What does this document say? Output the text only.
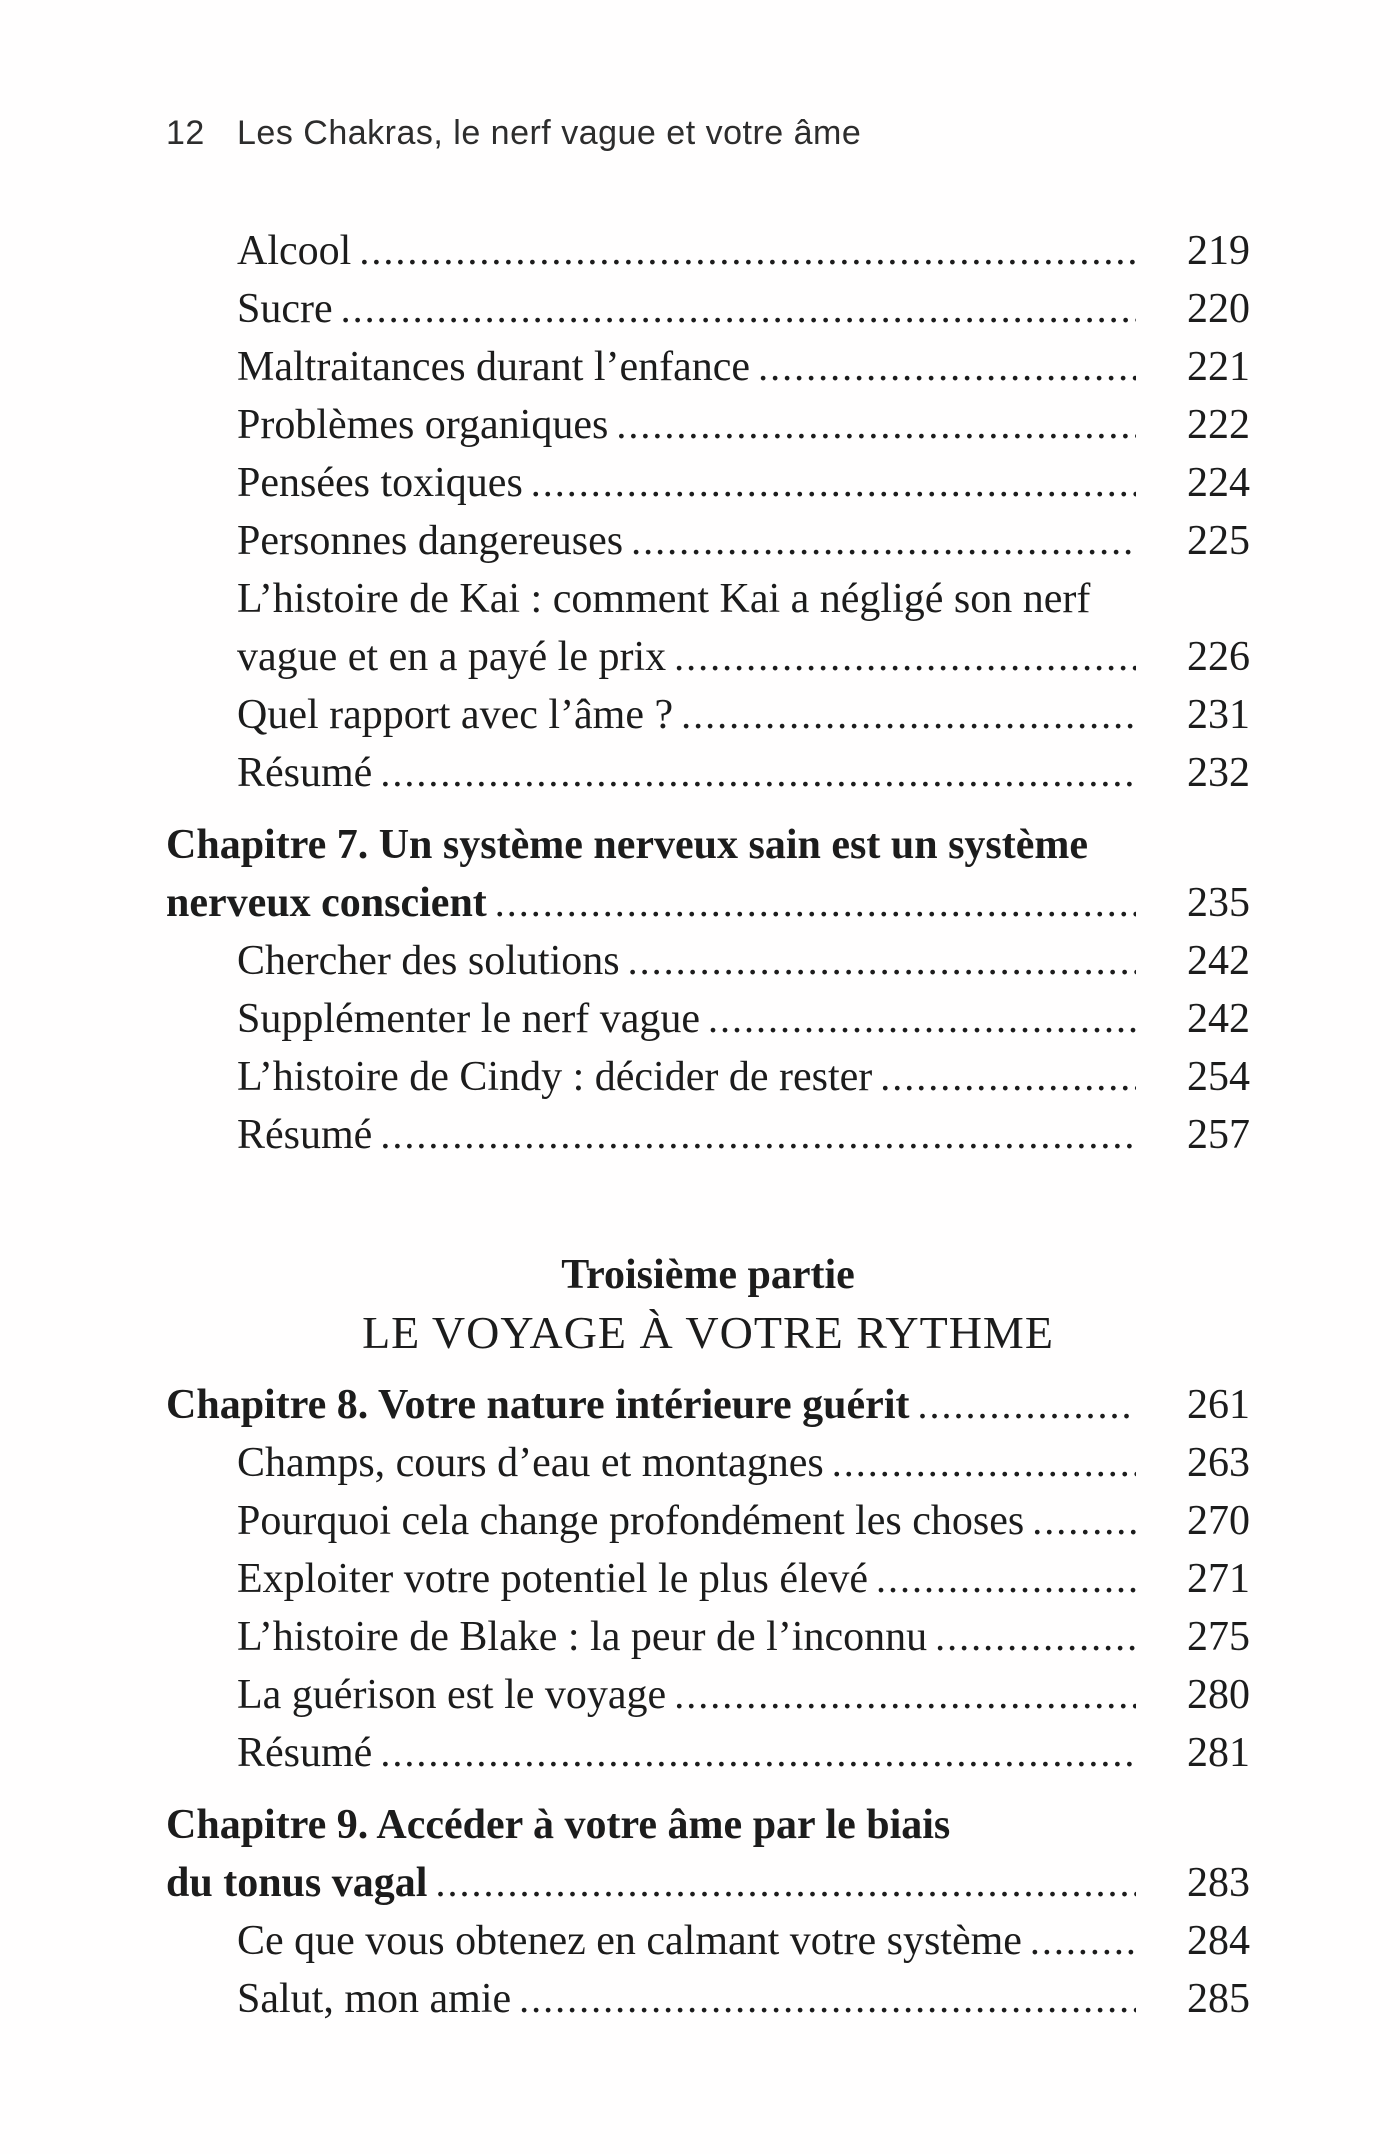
12 Les Chakras, le nerf vague et votre âme
Alcool .....	219
Sucre .....	220
Maltraitances durant l’enfance .....	221
Problèmes organiques .....	222
Pensées toxiques .....	224
Personnes dangereuses .....	225
L’histoire de Kai : comment Kai a négligé son nerf
vague et en a payé le prix .....	226
Quel rapport avec l’âme ? .....	231
Résumé .....	232
Chapitre 7. Un système nerveux sain est un système
nerveux conscient .....	235
Chercher des solutions .....	242
Supplémenter le nerf vague .....	242
L’histoire de Cindy : décider de rester .....	254
Résumé .....	257
Troisième partie
LE VOYAGE À VOTRE RYTHME
Chapitre 8. Votre nature intérieure guérit .....	261
Champs, cours d’eau et montagnes .....	263
Pourquoi cela change profondément les choses .....	270
Exploiter votre potentiel le plus élevé .....	271
L’histoire de Blake : la peur de l’inconnu .....	275
La guérison est le voyage .....	280
Résumé .....	281
Chapitre 9. Accéder à votre âme par le biais
du tonus vagal .....	283
Ce que vous obtenez en calmant votre système .....	284
Salut, mon amie .....	285
